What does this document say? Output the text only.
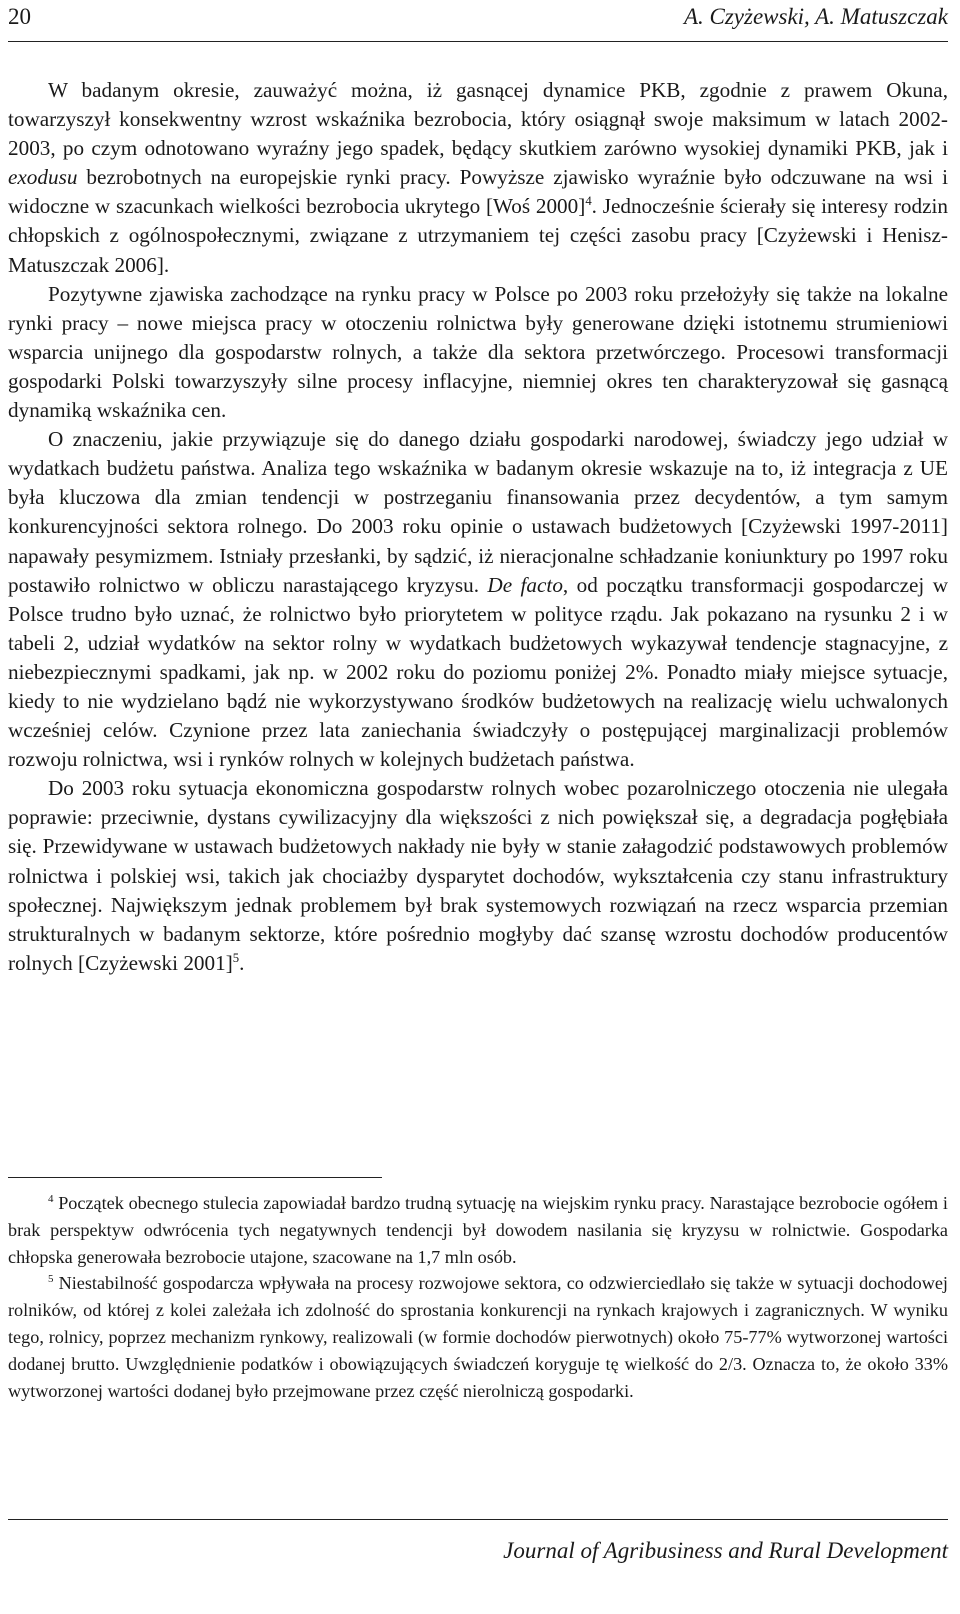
20	A. Czyżewski, A. Matuszczak

W badanym okresie, zauważyć można, iż gasnącej dynamice PKB, zgodnie z prawem Okuna, towarzyszył konsekwentny wzrost wskaźnika bezrobocia, który osiągnął swoje maksimum w latach 2002-2003, po czym odnotowano wyraźny jego spadek, będący skutkiem zarówno wysokiej dynamiki PKB, jak i exodusu bezrobotnych na europejskie rynki pracy. Powyższe zjawisko wyraźnie było odczuwane na wsi i widoczne w szacunkach wielkości bezrobocia ukrytego [Woś 2000]$^4$. Jednocześnie ścierały się interesy rodzin chłopskich z ogólnospołecznymi, związane z utrzymaniem tej części zasobu pracy [Czyżewski i Henisz-Matuszczak 2006].

Pozytywne zjawiska zachodzące na rynku pracy w Polsce po 2003 roku przełożyły się także na lokalne rynki pracy – nowe miejsca pracy w otoczeniu rolnictwa były generowane dzięki istotnemu strumieniowi wsparcia unijnego dla gospodarstw rolnych, a także dla sektora przetwórczego. Procesowi transformacji gospodarki Polski towarzyszyły silne procesy inflacyjne, niemniej okres ten charakteryzował się gasnącą dynamiką wskaźnika cen.

O znaczeniu, jakie przywiązuje się do danego działu gospodarki narodowej, świadczy jego udział w wydatkach budżetu państwa. Analiza tego wskaźnika w badanym okresie wskazuje na to, iż integracja z UE była kluczowa dla zmian tendencji w postrzeganiu finansowania przez decydentów, a tym samym konkurencyjności sektora rolnego. Do 2003 roku opinie o ustawach budżetowych [Czyżewski 1997-2011] napawały pesymizmem. Istniały przesłanki, by sądzić, iż nieracjonalne schładzanie koniunktury po 1997 roku postawiło rolnictwo w obliczu narastającego kryzysu. De facto, od początku transformacji gospodarczej w Polsce trudno było uznać, że rolnictwo było priorytetem w polityce rządu. Jak pokazano na rysunku 2 i w tabeli 2, udział wydatków na sektor rolny w wydatkach budżetowych wykazywał tendencje stagnacyjne, z niebezpiecznymi spadkami, jak np. w 2002 roku do poziomu poniżej 2%. Ponadto miały miejsce sytuacje, kiedy to nie wydzielano bądź nie wykorzystywano środków budżetowych na realizację wielu uchwalonych wcześniej celów. Czynione przez lata zaniechania świadczyły o postępującej marginalizacji problemów rozwoju rolnictwa, wsi i rynków rolnych w kolejnych budżetach państwa.

Do 2003 roku sytuacja ekonomiczna gospodarstw rolnych wobec pozarolniczego otoczenia nie ulegała poprawie: przeciwnie, dystans cywilizacyjny dla większości z nich powiększał się, a degradacja pogłębiała się. Przewidywane w ustawach budżetowych nakłady nie były w stanie załagodzić podstawowych problemów rolnictwa i polskiej wsi, takich jak chociażby dysparytet dochodów, wykształcenia czy stanu infrastruktury społecznej. Największym jednak problemem był brak systemowych rozwiązań na rzecz wsparcia przemian strukturalnych w badanym sektorze, które pośrednio mogłyby dać szansę wzrostu dochodów producentów rolnych [Czyżewski 2001]$^5$.

$^4$ Początek obecnego stulecia zapowiadał bardzo trudną sytuację na wiejskim rynku pracy. Narastające bezrobocie ogółem i brak perspektyw odwrócenia tych negatywnych tendencji był dowodem nasilania się kryzysu w rolnictwie. Gospodarka chłopska generowała bezrobocie utajone, szacowane na 1,7 mln osób.

$^5$ Niestabilność gospodarcza wpływała na procesy rozwojowe sektora, co odzwierciedlało się także w sytuacji dochodowej rolników, od której z kolei zależała ich zdolność do sprostania konkurencji na rynkach krajowych i zagranicznych. W wyniku tego, rolnicy, poprzez mechanizm rynkowy, realizowali (w formie dochodów pierwotnych) około 75-77% wytworzonej wartości dodanej brutto. Uwzględnienie podatków i obowiązujących świadczeń koryguje tę wielkość do 2/3. Oznacza to, że około 33% wytworzonej wartości dodanej było przejmowane przez część nierolniczą gospodarki.

Journal of Agribusiness and Rural Development
